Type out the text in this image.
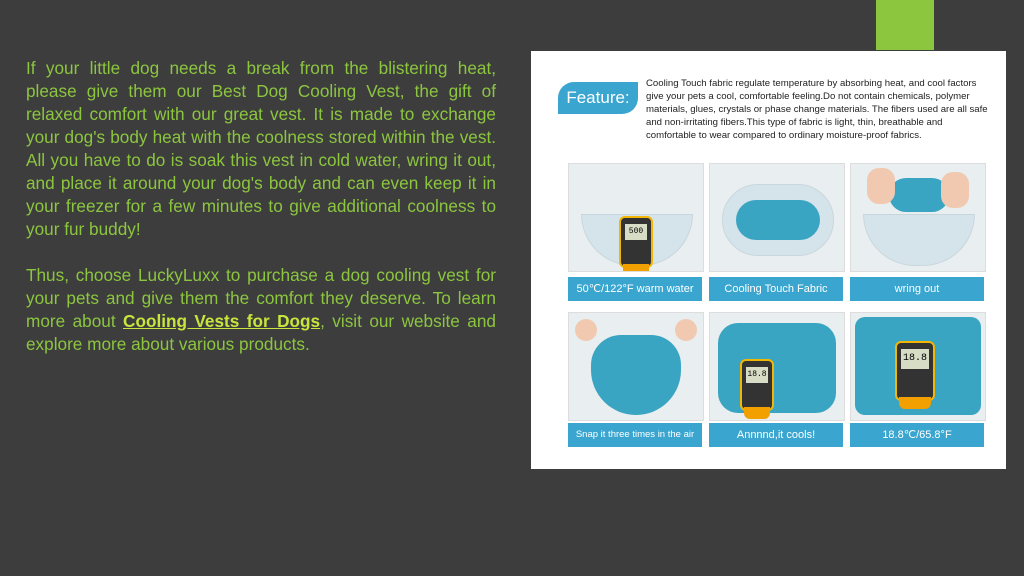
If your little dog needs a break from the blistering heat, please give them our Best Dog Cooling Vest, the gift of relaxed comfort with our great vest. It is made to exchange your dog's body heat with the coolness stored within the vest. All you have to do is soak this vest in cold water, wring it out, and place it around your dog's body and can even keep it in your freezer for a few minutes to give additional coolness to your fur buddy!

Thus, choose LuckyLuxx to purchase a dog cooling vest for your pets and give them the comfort they deserve. To learn more about Cooling Vests for Dogs, visit our website and explore more about various products.

Feature:
Cooling Touch fabric regulate temperature by absorbing heat, and cool factors give your pets a cool, comfortable feeling.Do not contain chemicals, polymer materials, glues, crystals or phase change materials. The fibers used are all safe and non-irritating fibers.This type of fabric is light, thin, breathable and comfortable to wear compared to ordinary moisture-proof fabrics.
500
50℃/122°F warm water	Cooling Touch Fabric	wring out
18.8
18.8
Snap it three times in the air	Annnnd,it cools!	18.8℃/65.8°F
